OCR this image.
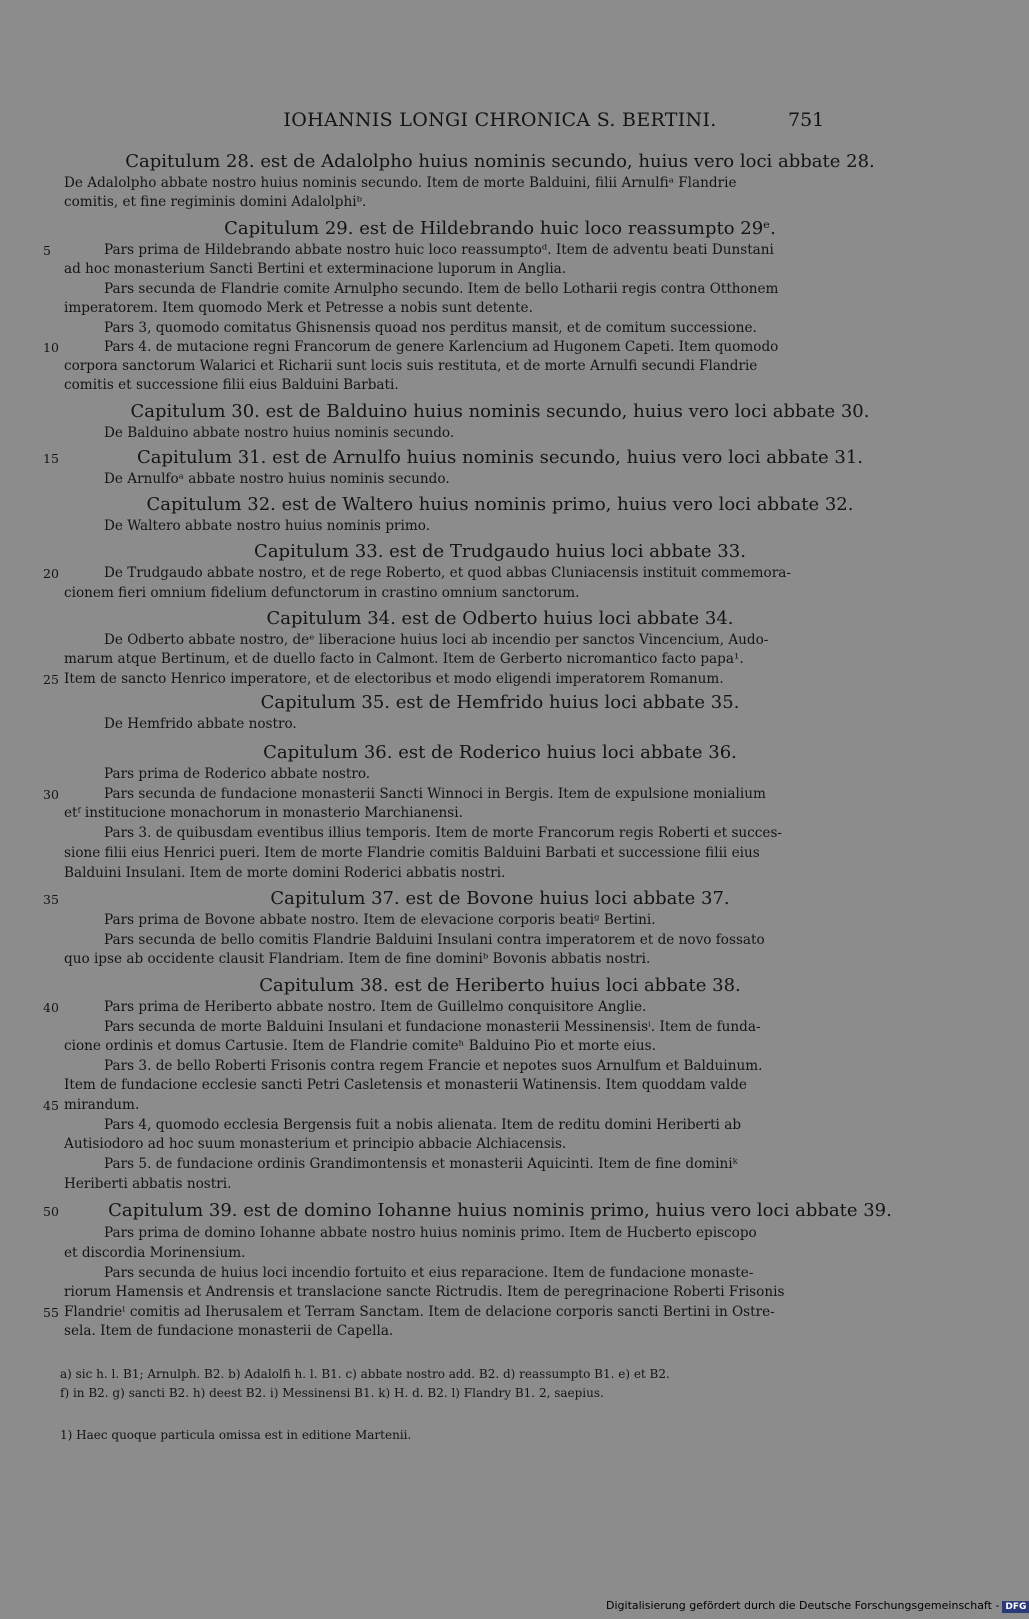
IOHANNIS LONGI CHRONICA S. BERTINI.	751
Capitulum 28. est de Adalolpho huius nominis secundo, huius vero loci abbate 28.
De Adalolpho abbate nostro huius nominis secundo. Item de morte Balduini, filii Arnulfiᵃ Flandrie
comitis, et fine regiminis domini Adalolphiᵇ.
Capitulum 29. est de Hildebrando huic loco reassumpto 29ᵉ.
Pars prima de Hildebrando abbate nostro huic loco reassumptoᵈ. Item de adventu beati Dunstani
5
ad hoc monasterium Sancti Bertini et exterminacione luporum in Anglia.
Pars secunda de Flandrie comite Arnulpho secundo. Item de bello Lotharii regis contra Otthonem
imperatorem. Item quomodo Merk et Petresse a nobis sunt detente.
Pars 3, quomodo comitatus Ghisnensis quoad nos perditus mansit, et de comitum successione.
Pars 4. de mutacione regni Francorum de genere Karlencium ad Hugonem Capeti. Item quomodo
10
corpora sanctorum Walarici et Richarii sunt locis suis restituta, et de morte Arnulfi secundi Flandrie
comitis et successione filii eius Balduini Barbati.
Capitulum 30. est de Balduino huius nominis secundo, huius vero loci abbate 30.
De Balduino abbate nostro huius nominis secundo.
Capitulum 31. est de Arnulfo huius nominis secundo, huius vero loci abbate 31.
15
De Arnulfoᵃ abbate nostro huius nominis secundo.
Capitulum 32. est de Waltero huius nominis primo, huius vero loci abbate 32.
De Waltero abbate nostro huius nominis primo.
Capitulum 33. est de Trudgaudo huius loci abbate 33.
De Trudgaudo abbate nostro, et de rege Roberto, et quod abbas Cluniacensis instituit commemora-
20
cionem fieri omnium fidelium defunctorum in crastino omnium sanctorum.
Capitulum 34. est de Odberto huius loci abbate 34.
De Odberto abbate nostro, deᵉ liberacione huius loci ab incendio per sanctos Vincencium, Audo-
marum atque Bertinum, et de duello facto in Calmont. Item de Gerberto nicromantico facto papa¹.
Item de sancto Henrico imperatore, et de electoribus et modo eligendi imperatorem Romanum.
25
Capitulum 35. est de Hemfrido huius loci abbate 35.
De Hemfrido abbate nostro.
Capitulum 36. est de Roderico huius loci abbate 36.
Pars prima de Roderico abbate nostro.
Pars secunda de fundacione monasterii Sancti Winnoci in Bergis. Item de expulsione monialium
30
etᶠ institucione monachorum in monasterio Marchianensi.
Pars 3. de quibusdam eventibus illius temporis. Item de morte Francorum regis Roberti et succes-
sione filii eius Henrici pueri. Item de morte Flandrie comitis Balduini Barbati et successione filii eius
Balduini Insulani. Item de morte domini Roderici abbatis nostri.
Capitulum 37. est de Bovone huius loci abbate 37.
35
Pars prima de Bovone abbate nostro. Item de elevacione corporis beatiᵍ Bertini.
Pars secunda de bello comitis Flandrie Balduini Insulani contra imperatorem et de novo fossato
quo ipse ab occidente clausit Flandriam. Item de fine dominiᵇ Bovonis abbatis nostri.
Capitulum 38. est de Heriberto huius loci abbate 38.
Pars prima de Heriberto abbate nostro. Item de Guillelmo conquisitore Anglie.
40
Pars secunda de morte Balduini Insulani et fundacione monasterii Messinensisⁱ. Item de funda-
cione ordinis et domus Cartusie. Item de Flandrie comiteʰ Balduino Pio et morte eius.
Pars 3. de bello Roberti Frisonis contra regem Francie et nepotes suos Arnulfum et Balduinum.
Item de fundacione ecclesie sancti Petri Casletensis et monasterii Watinensis. Item quoddam valde
mirandum.
45
Pars 4, quomodo ecclesia Bergensis fuit a nobis alienata. Item de reditu domini Heriberti ab
Autisiodoro ad hoc suum monasterium et principio abbacie Alchiacensis.
Pars 5. de fundacione ordinis Grandimontensis et monasterii Aquicinti. Item de fine dominiᵏ
Heriberti abbatis nostri.
Capitulum 39. est de domino Iohanne huius nominis primo, huius vero loci abbate 39.
50
Pars prima de domino Iohanne abbate nostro huius nominis primo. Item de Hucberto episcopo
et discordia Morinensium.
Pars secunda de huius loci incendio fortuito et eius reparacione. Item de fundacione monaste-
riorum Hamensis et Andrensis et translacione sancte Rictrudis. Item de peregrinacione Roberti Frisonis
Flandrieˡ comitis ad Iherusalem et Terram Sanctam. Item de delacione corporis sancti Bertini in Ostre-
55
sela. Item de fundacione monasterii de Capella.
a) sic h. l. B1; Arnulph. B2. b) Adalolfi h. l. B1. c) abbate nostro add. B2. d) reassumpto B1. e) et B2.
f) in B2. g) sancti B2. h) deest B2. i) Messinensi B1. k) H. d. B2. l) Flandry B1. 2, saepius.
1) Haec quoque particula omissa est in editione Martenii.
Digitalisierung gefördert durch die Deutsche Forschungsgemeinschaft - DFG
